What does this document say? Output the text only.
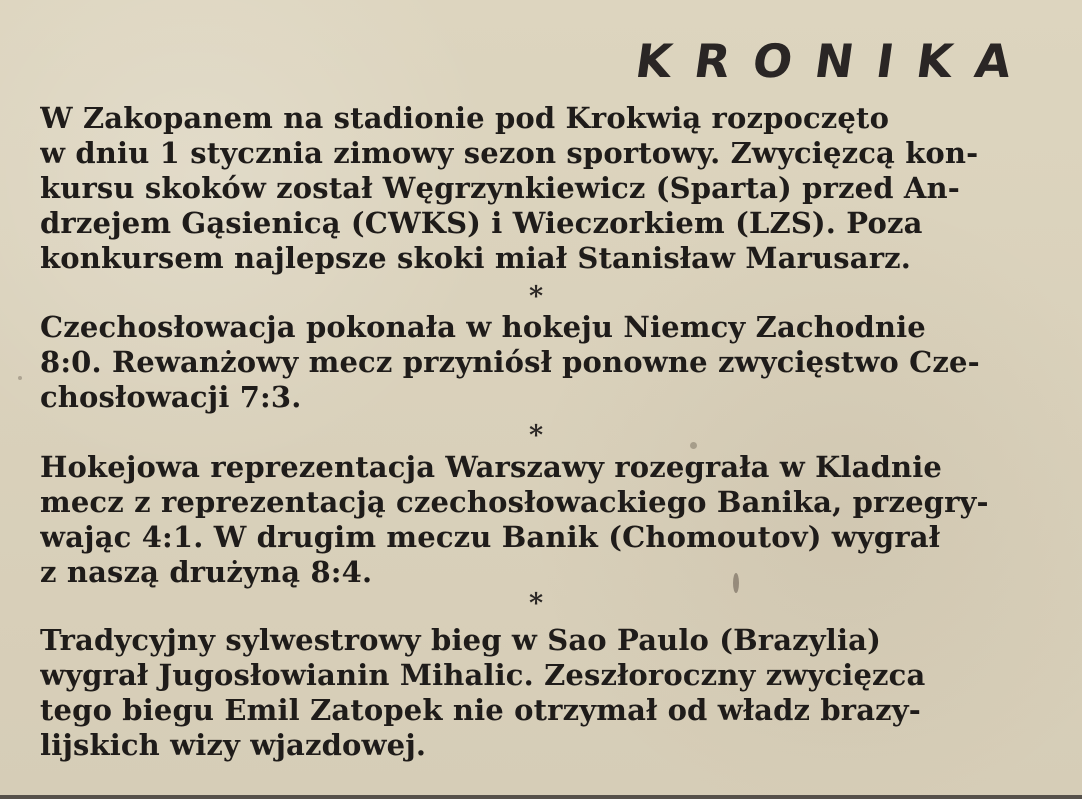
KRONIKA
W Zakopanem na stadionie pod Krokwią rozpoczęto
w dniu 1 stycznia zimowy sezon sportowy. Zwycięzcą kon-
kursu skoków został Węgrzynkiewicz (Sparta) przed An-
drzejem Gąsienicą (CWKS) i Wieczorkiem (LZS). Poza
konkursem najlepsze skoki miał Stanisław Marusarz.
*
Czechosłowacja pokonała w hokeju Niemcy Zachodnie
8:0. Rewanżowy mecz przyniósł ponowne zwycięstwo Cze-
chosłowacji 7:3.
*
Hokejowa reprezentacja Warszawy rozegrała w Kladnie
mecz z reprezentacją czechosłowackiego Banika, przegry-
wając 4:1. W drugim meczu Banik (Chomoutov) wygrał
z naszą drużyną 8:4.
*
Tradycyjny sylwestrowy bieg w Sao Paulo (Brazylia)
wygrał Jugosłowianin Mihalic. Zeszłoroczny zwycięzca
tego biegu Emil Zatopek nie otrzymał od władz brazy-
lijskich wizy wjazdowej.
